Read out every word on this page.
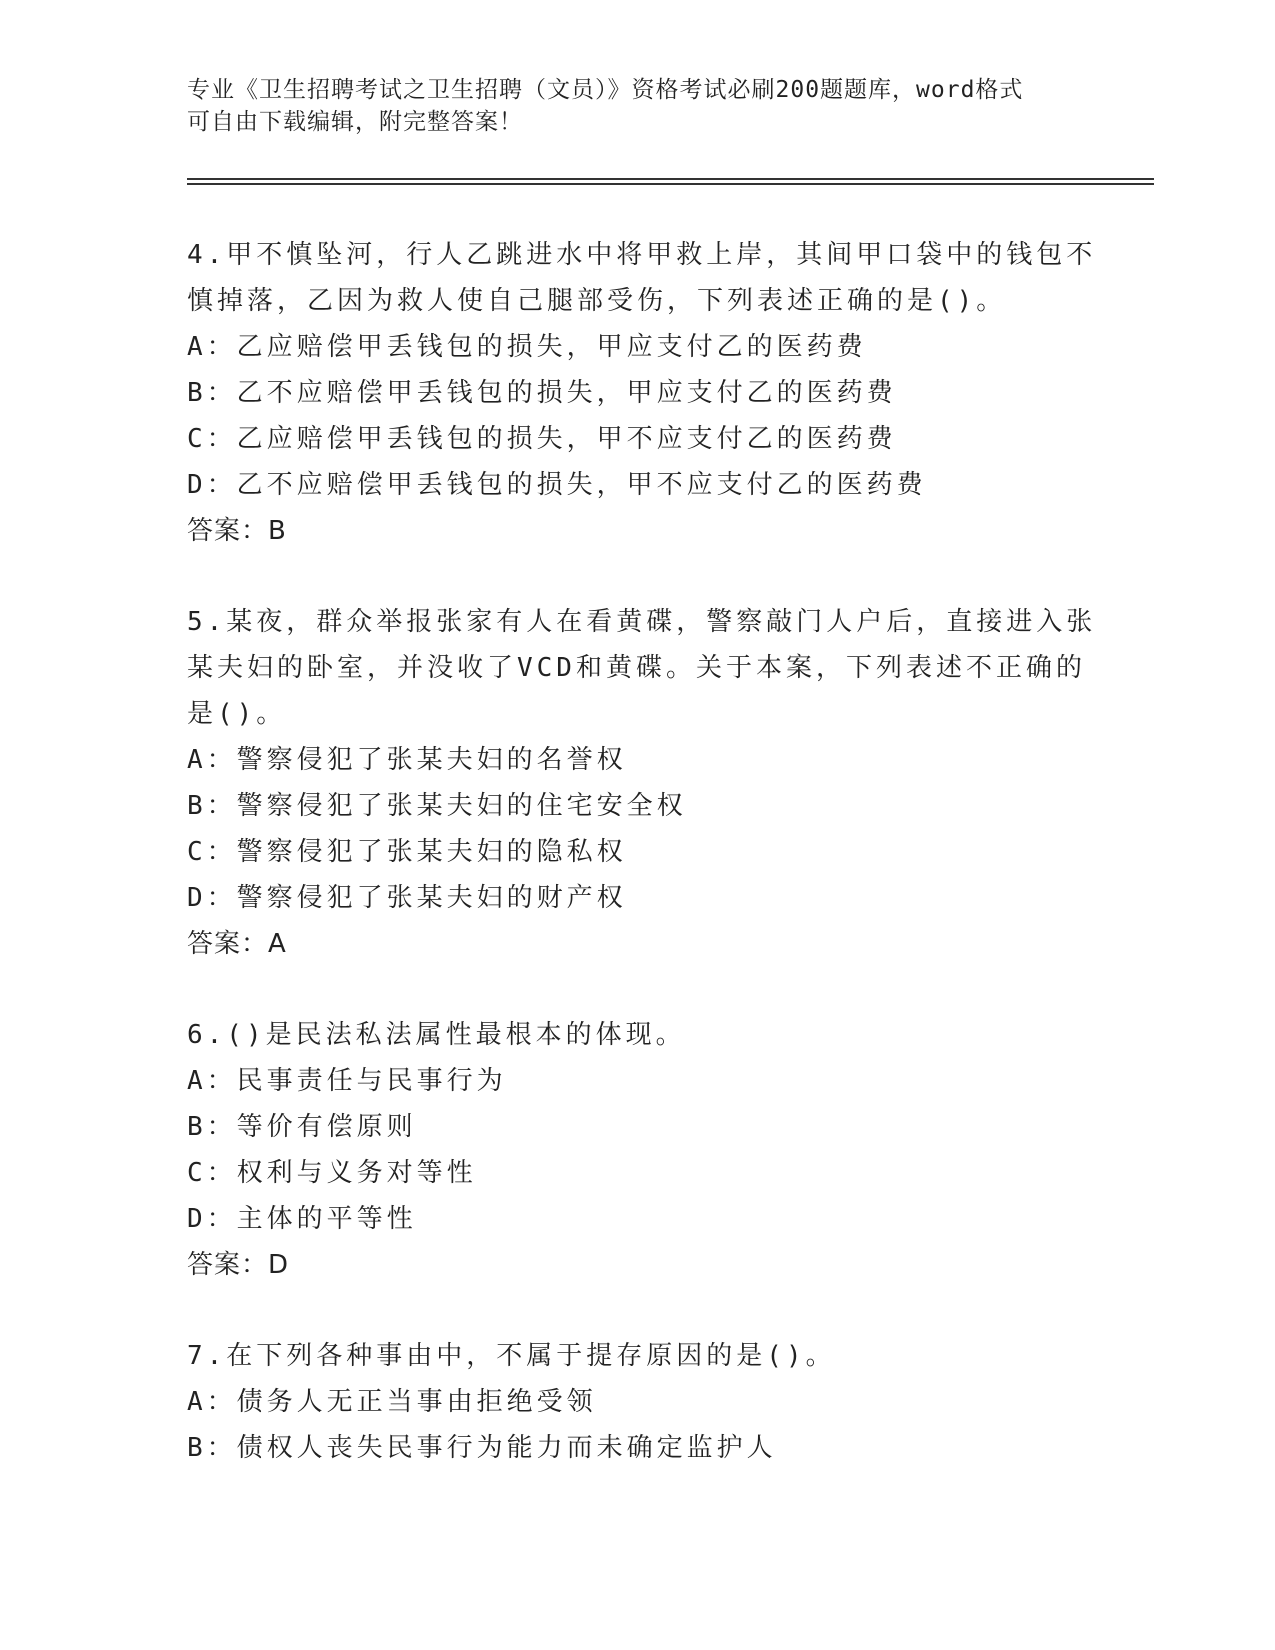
专业《卫生招聘考试之卫生招聘（文员）》资格考试必刷200题题库，word格式
可自由下载编辑，附完整答案！
4.甲不慎坠河，行人乙跳进水中将甲救上岸，其间甲口袋中的钱包不
慎掉落，乙因为救人使自己腿部受伤，下列表述正确的是()。
A：乙应赔偿甲丢钱包的损失，甲应支付乙的医药费
B：乙不应赔偿甲丢钱包的损失，甲应支付乙的医药费
C：乙应赔偿甲丢钱包的损失，甲不应支付乙的医药费
D：乙不应赔偿甲丢钱包的损失，甲不应支付乙的医药费
答案：B
5.某夜，群众举报张家有人在看黄碟，警察敲门人户后，直接进入张
某夫妇的卧室，并没收了VCD和黄碟。关于本案，下列表述不正确的
是()。
A：警察侵犯了张某夫妇的名誉权
B：警察侵犯了张某夫妇的住宅安全权
C：警察侵犯了张某夫妇的隐私权
D：警察侵犯了张某夫妇的财产权
答案：A
6.()是民法私法属性最根本的体现。
A：民事责任与民事行为
B：等价有偿原则
C：权利与义务对等性
D：主体的平等性
答案：D
7.在下列各种事由中，不属于提存原因的是()。
A：债务人无正当事由拒绝受领
B：债权人丧失民事行为能力而未确定监护人
